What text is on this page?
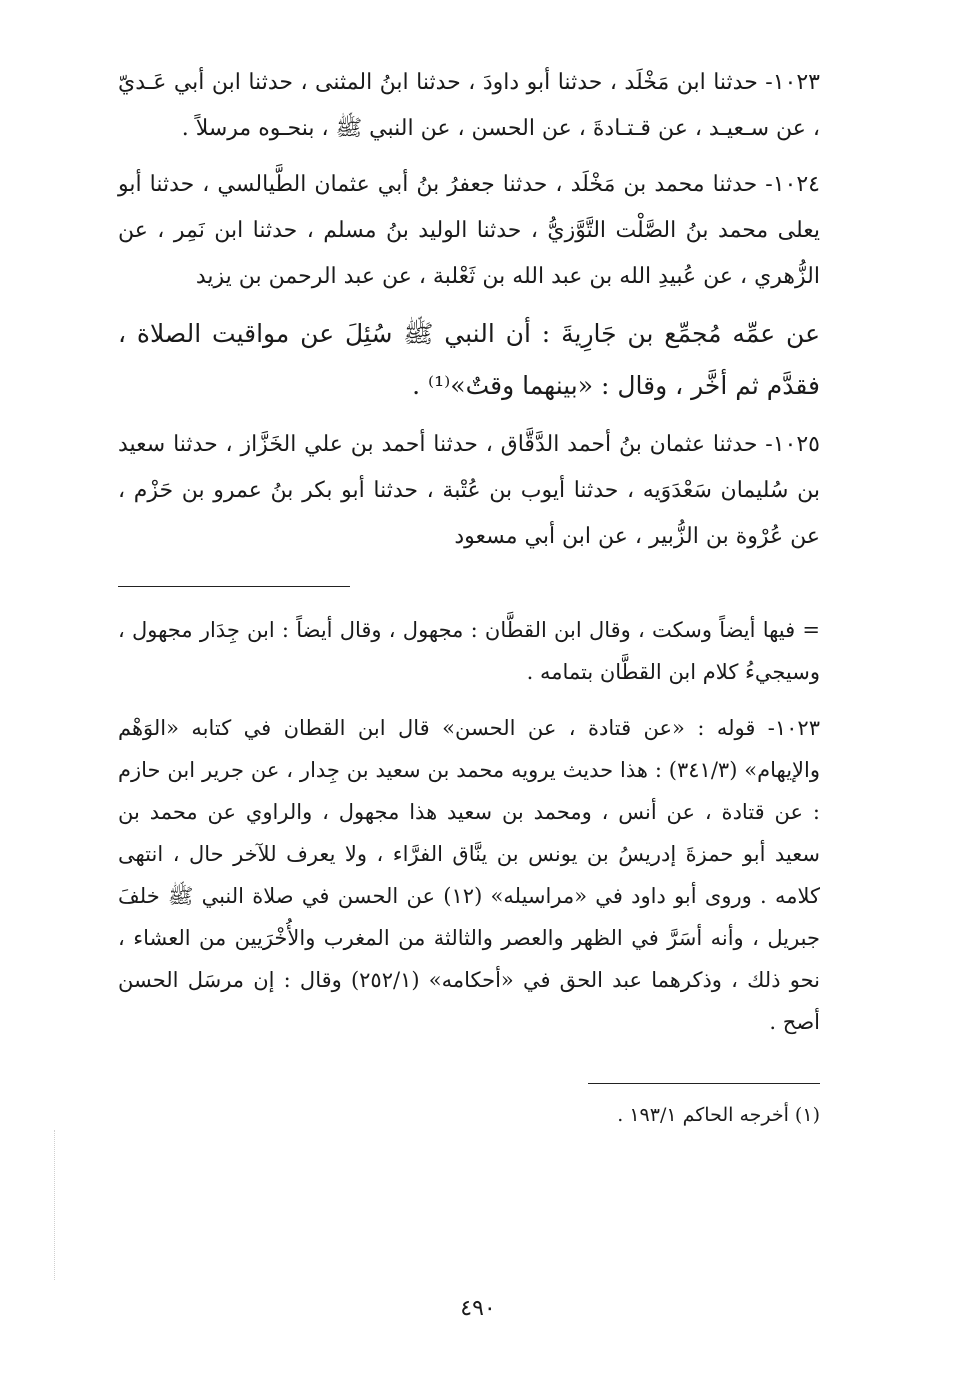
١٠٢٣- حدثنا ابن مَخْلَد ، حدثنا أبو داودَ ، حدثنا ابنُ المثنى ، حدثنا ابن أبي عَـديّ ، عن سـعيـد ، عن قـتـادةَ ، عن الحسن ، عن النبي ﷺ ، بنحـوه مرسلاً .

١٠٢٤- حدثنا محمد بن مَخْلَد ، حدثنا جعفرُ بنُ أبي عثمان الطَّيالسي ، حدثنا أبو يعلى محمد بنُ الصَّلْت التَّوَّزيُّ ، حدثنا الوليد بنُ مسلم ، حدثنا ابن نَمِر ، عن الزُّهري ، عن عُبيدِ الله بن عبد الله بن ثَعْلبة ، عن عبد الرحمن بن يزيد

عن عمِّه مُجمِّع بن جَارِيةَ : أن النبي ﷺ سُئِلَ عن مواقيت الصلاة ، فقدَّم ثم أخَّر ، وقال : «بينهما وقتٌ»⁽¹⁾ .

١٠٢٥- حدثنا عثمان بنُ أحمد الدَّقَّاق ، حدثنا أحمد بن علي الخَزَّاز ، حدثنا سعيد بن سُليمان سَعْدَوَيه ، حدثنا أيوب بن عُتْبة ، حدثنا أبو بكر بنُ عمرو بن حَزْم ، عن عُرْوة بن الزُّبير ، عن ابن أبي مسعود

= فيها أيضاً وسكت ، وقال ابن القطَّان : مجهول ، وقال أيضاً : ابن جِدَار مجهول ، وسيجيءُ كلام ابن القطَّان بتمامه .

١٠٢٣- قوله : «عن قتادة ، عن الحسن» قال ابن القطان في كتابه «الوَهْم والإيهام» (٣٤١/٣) : هذا حديث يرويه محمد بن سعيد بن جِدار ، عن جرير ابن حازم : عن قتادة ، عن أنس ، ومحمد بن سعيد هذا مجهول ، والراوي عن محمد بن سعيد أبو حمزةَ إدريسُ بن يونس بن ينَّاق الفرَّاء ، ولا يعرف للآخر حال ، انتهى كلامه . وروى أبو داود في «مراسيله» (١٢) عن الحسن في صلاة النبي ﷺ خلفَ جبريل ، وأنه أسَرَّ في الظهر والعصر والثالثة من المغرب والأُخْرَيين من العشاء ، نحو ذلك ، وذكرهما عبد الحق في «أحكامه» (٢٥٢/١) وقال : إن مرسَل الحسن أصح .

(١) أخرجه الحاكم ١٩٣/١ .

٤٩٠
